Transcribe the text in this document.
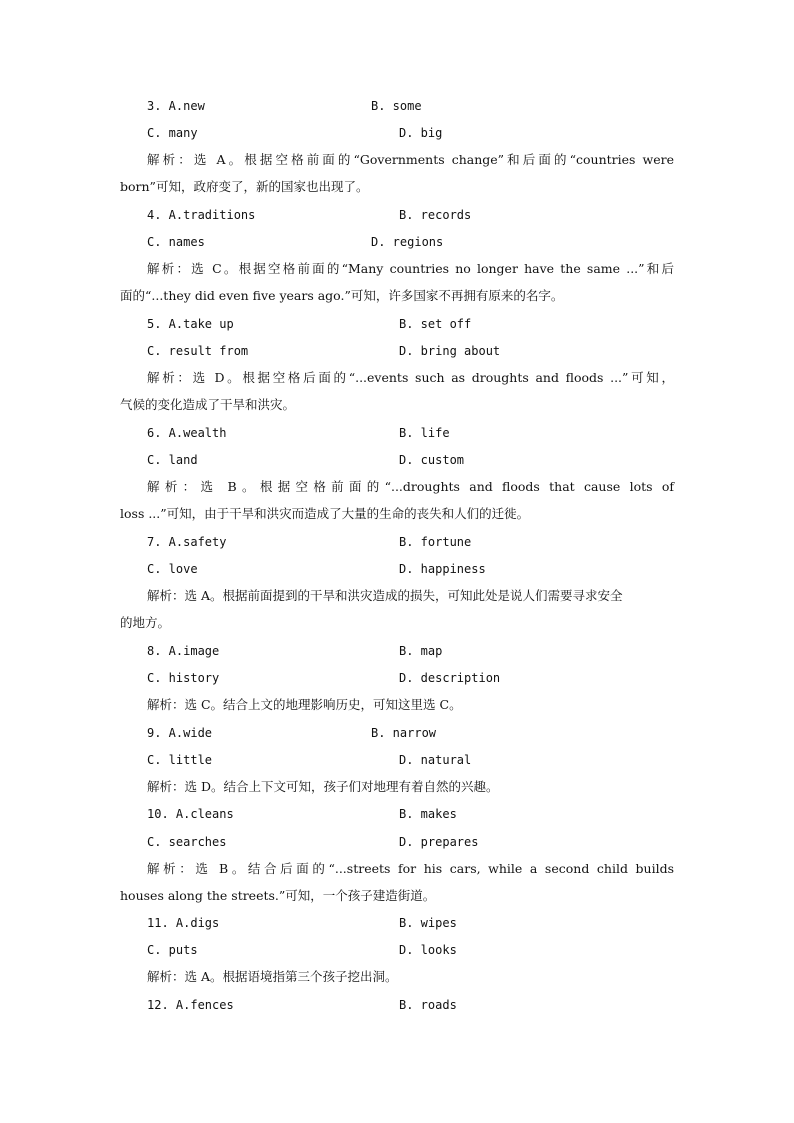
3. A.new	B. some
C. many	D. big
解析：选 A。根据空格前面的“Governments change”和后面的“countries were
born”可知，政府变了，新的国家也出现了。
4. A.traditions	B. records
C. names	D. regions
解析：选 C。根据空格前面的“Many countries no longer have the same ...”和后
面的“...they did even five years ago.”可知，许多国家不再拥有原来的名字。
5. A.take up	B. set off
C. result from	D. bring about
解析：选 D。根据空格后面的“...events such as droughts and floods ...”可知，
气候的变化造成了干旱和洪灾。
6. A.wealth	B. life
C. land	D. custom
解析：选 B。根据空格前面的“...droughts and floods that cause lots of
loss ...”可知，由于干旱和洪灾而造成了大量的生命的丧失和人们的迁徙。
7. A.safety	B. fortune
C. love	D. happiness
解析：选 A。根据前面提到的干旱和洪灾造成的损失，可知此处是说人们需要寻求安全
的地方。
8. A.image	B. map
C. history	D. description
解析：选 C。结合上文的地理影响历史，可知这里选 C。
9. A.wide	B. narrow
C. little	D. natural
解析：选 D。结合上下文可知，孩子们对地理有着自然的兴趣。
10. A.cleans	B. makes
C. searches	D. prepares
解析：选 B。结合后面的“...streets for his cars, while a second child builds
houses along the streets.”可知，一个孩子建造街道。
11. A.digs	B. wipes
C. puts	D. looks
解析：选 A。根据语境指第三个孩子挖出洞。
12. A.fences	B. roads
